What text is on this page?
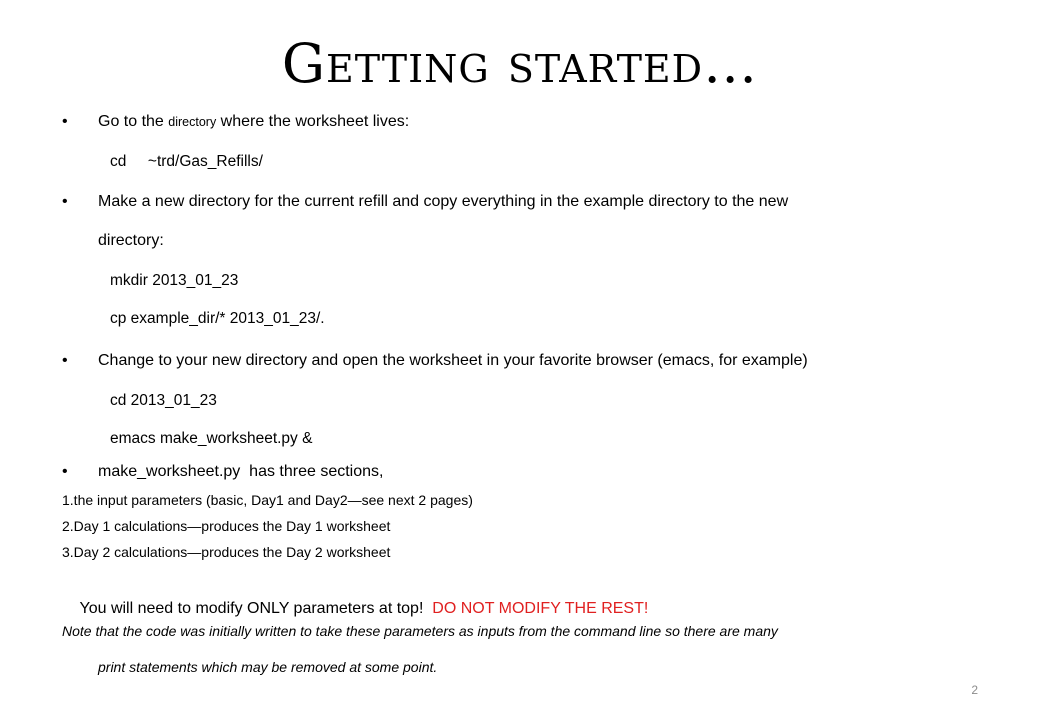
Getting started…
• Go to the directory where the worksheet lives:
cd     ~trd/Gas_Refills/
• Make a new directory for the current refill and copy everything in the example directory to the new
directory:
mkdir 2013_01_23
cp example_dir/* 2013_01_23/.
• Change to your new directory and open the worksheet in your favorite browser (emacs, for example)
cd 2013_01_23
emacs make_worksheet.py &
• make_worksheet.py  has three sections,
1.the input parameters (basic, Day1 and Day2—see next 2 pages)
2.Day 1 calculations—produces the Day 1 worksheet
3.Day 2 calculations—produces the Day 2 worksheet

You will need to modify ONLY parameters at top!  DO NOT MODIFY THE REST!

Note that the code was initially written to take these parameters as inputs from the command line so there are many
print statements which may be removed at some point.
2
